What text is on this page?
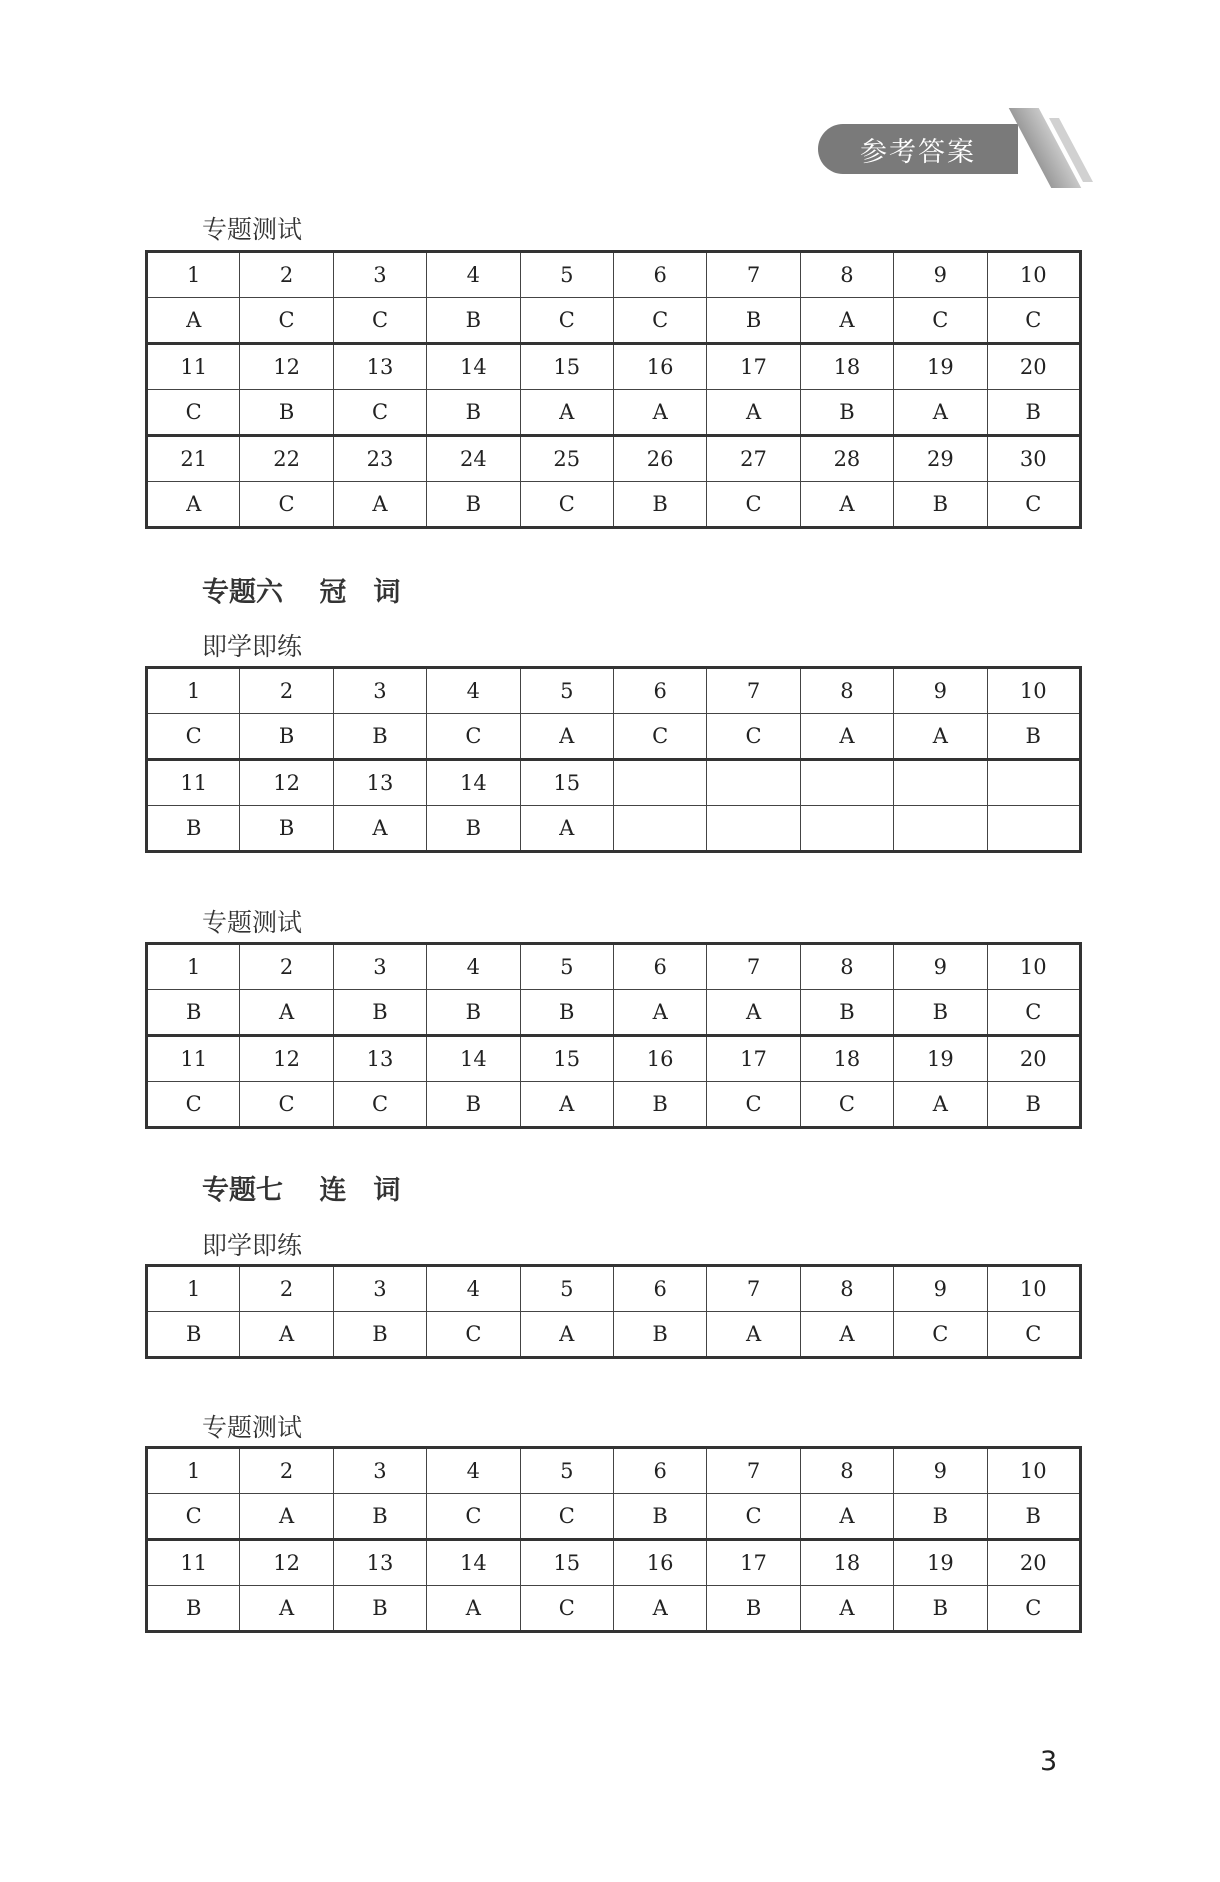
参考答案
专题测试
1	2	3	4	5	6	7	8	9	10
A	C	C	B	C	C	B	A	C	C
11	12	13	14	15	16	17	18	19	20
C	B	C	B	A	A	A	B	A	B
21	22	23	24	25	26	27	28	29	30
A	C	A	B	C	B	C	A	B	C
专题六　 冠　词
即学即练
1	2	3	4	5	6	7	8	9	10
C	B	B	C	A	C	C	A	A	B
11	12	13	14	15					
B	B	A	B	A					
专题测试
1	2	3	4	5	6	7	8	9	10
B	A	B	B	B	A	A	B	B	C
11	12	13	14	15	16	17	18	19	20
C	C	C	B	A	B	C	C	A	B
专题七　 连　词
即学即练
1	2	3	4	5	6	7	8	9	10
B	A	B	C	A	B	A	A	C	C
专题测试
1	2	3	4	5	6	7	8	9	10
C	A	B	C	C	B	C	A	B	B
11	12	13	14	15	16	17	18	19	20
B	A	B	A	C	A	B	A	B	C
3
